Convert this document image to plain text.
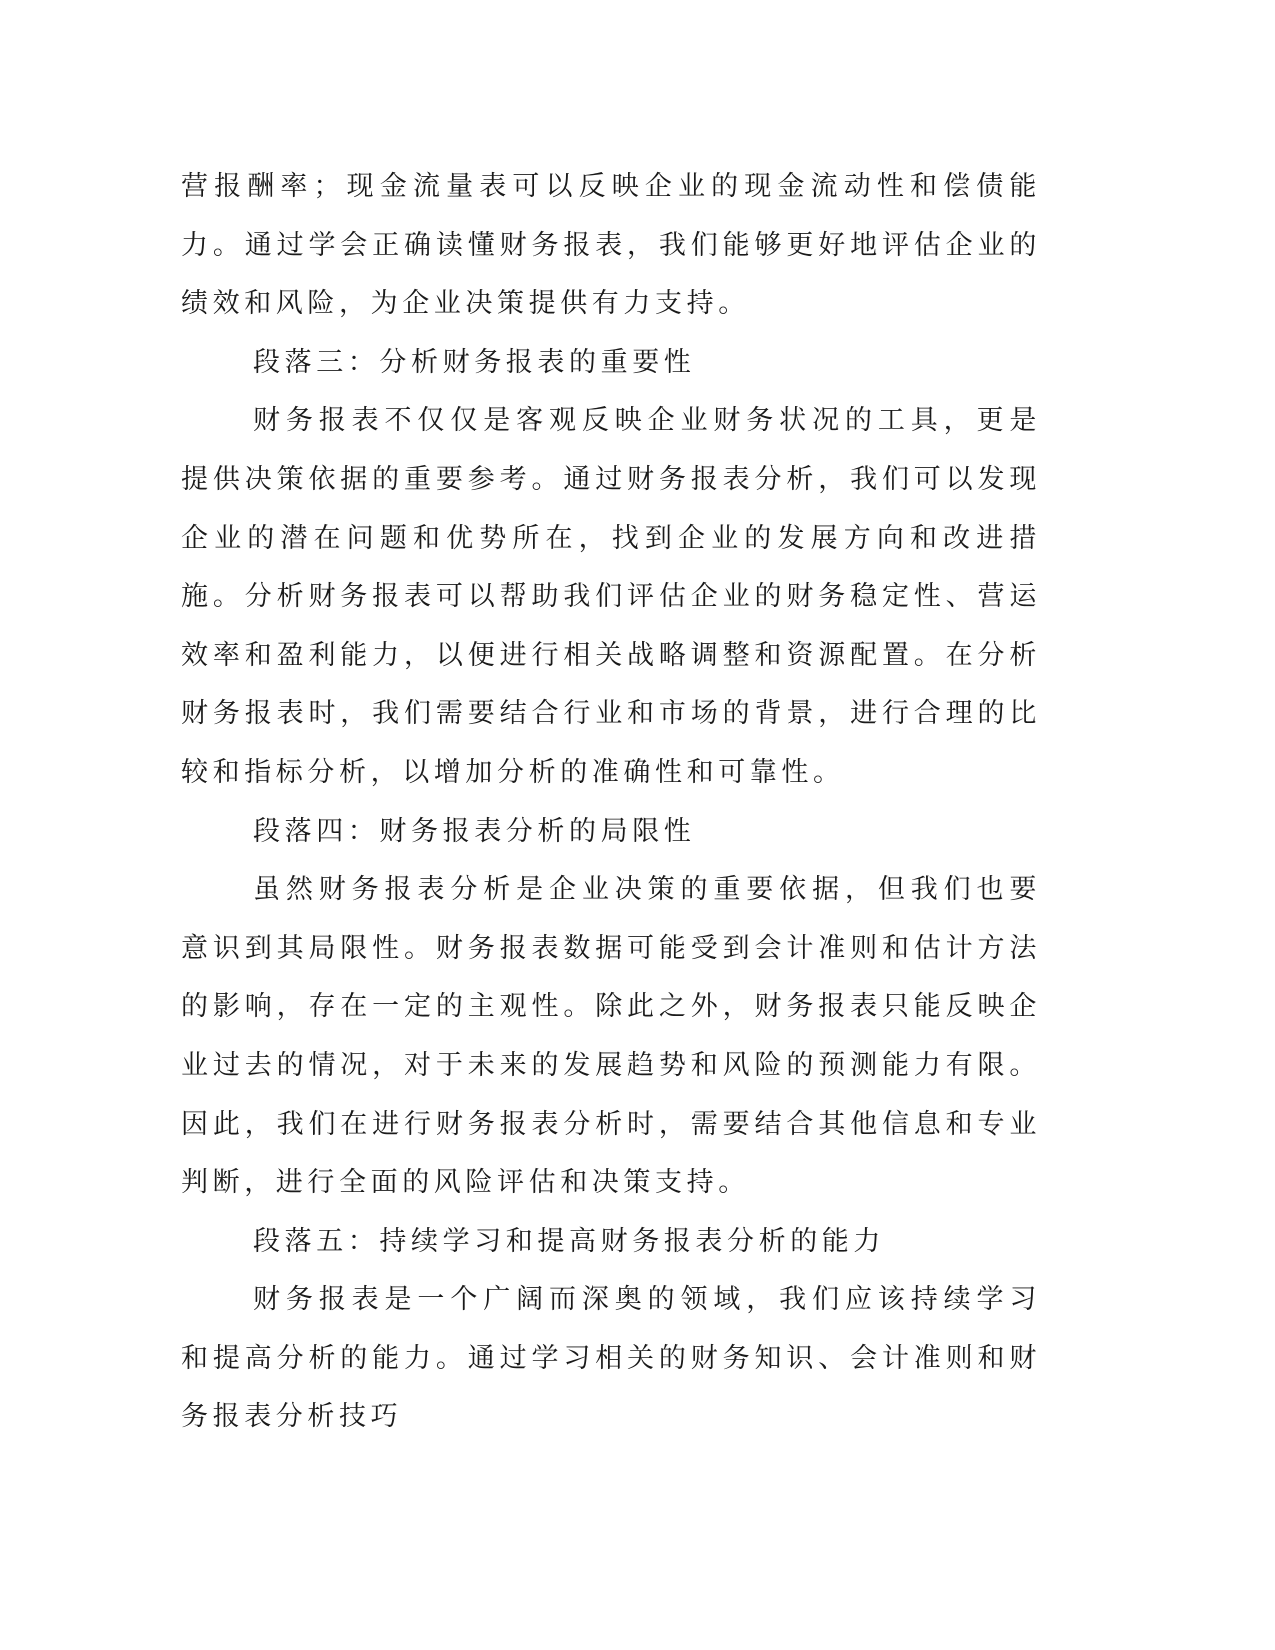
营报酬率；现金流量表可以反映企业的现金流动性和偿债能力。通过学会正确读懂财务报表，我们能够更好地评估企业的绩效和风险，为企业决策提供有力支持。

段落三：分析财务报表的重要性

财务报表不仅仅是客观反映企业财务状况的工具，更是提供决策依据的重要参考。通过财务报表分析，我们可以发现企业的潜在问题和优势所在，找到企业的发展方向和改进措施。分析财务报表可以帮助我们评估企业的财务稳定性、营运效率和盈利能力，以便进行相关战略调整和资源配置。在分析财务报表时，我们需要结合行业和市场的背景，进行合理的比较和指标分析，以增加分析的准确性和可靠性。

段落四：财务报表分析的局限性

虽然财务报表分析是企业决策的重要依据，但我们也要意识到其局限性。财务报表数据可能受到会计准则和估计方法的影响，存在一定的主观性。除此之外，财务报表只能反映企业过去的情况，对于未来的发展趋势和风险的预测能力有限。因此，我们在进行财务报表分析时，需要结合其他信息和专业判断，进行全面的风险评估和决策支持。

段落五：持续学习和提高财务报表分析的能力

财务报表是一个广阔而深奥的领域，我们应该持续学习和提高分析的能力。通过学习相关的财务知识、会计准则和财务报表分析技巧
